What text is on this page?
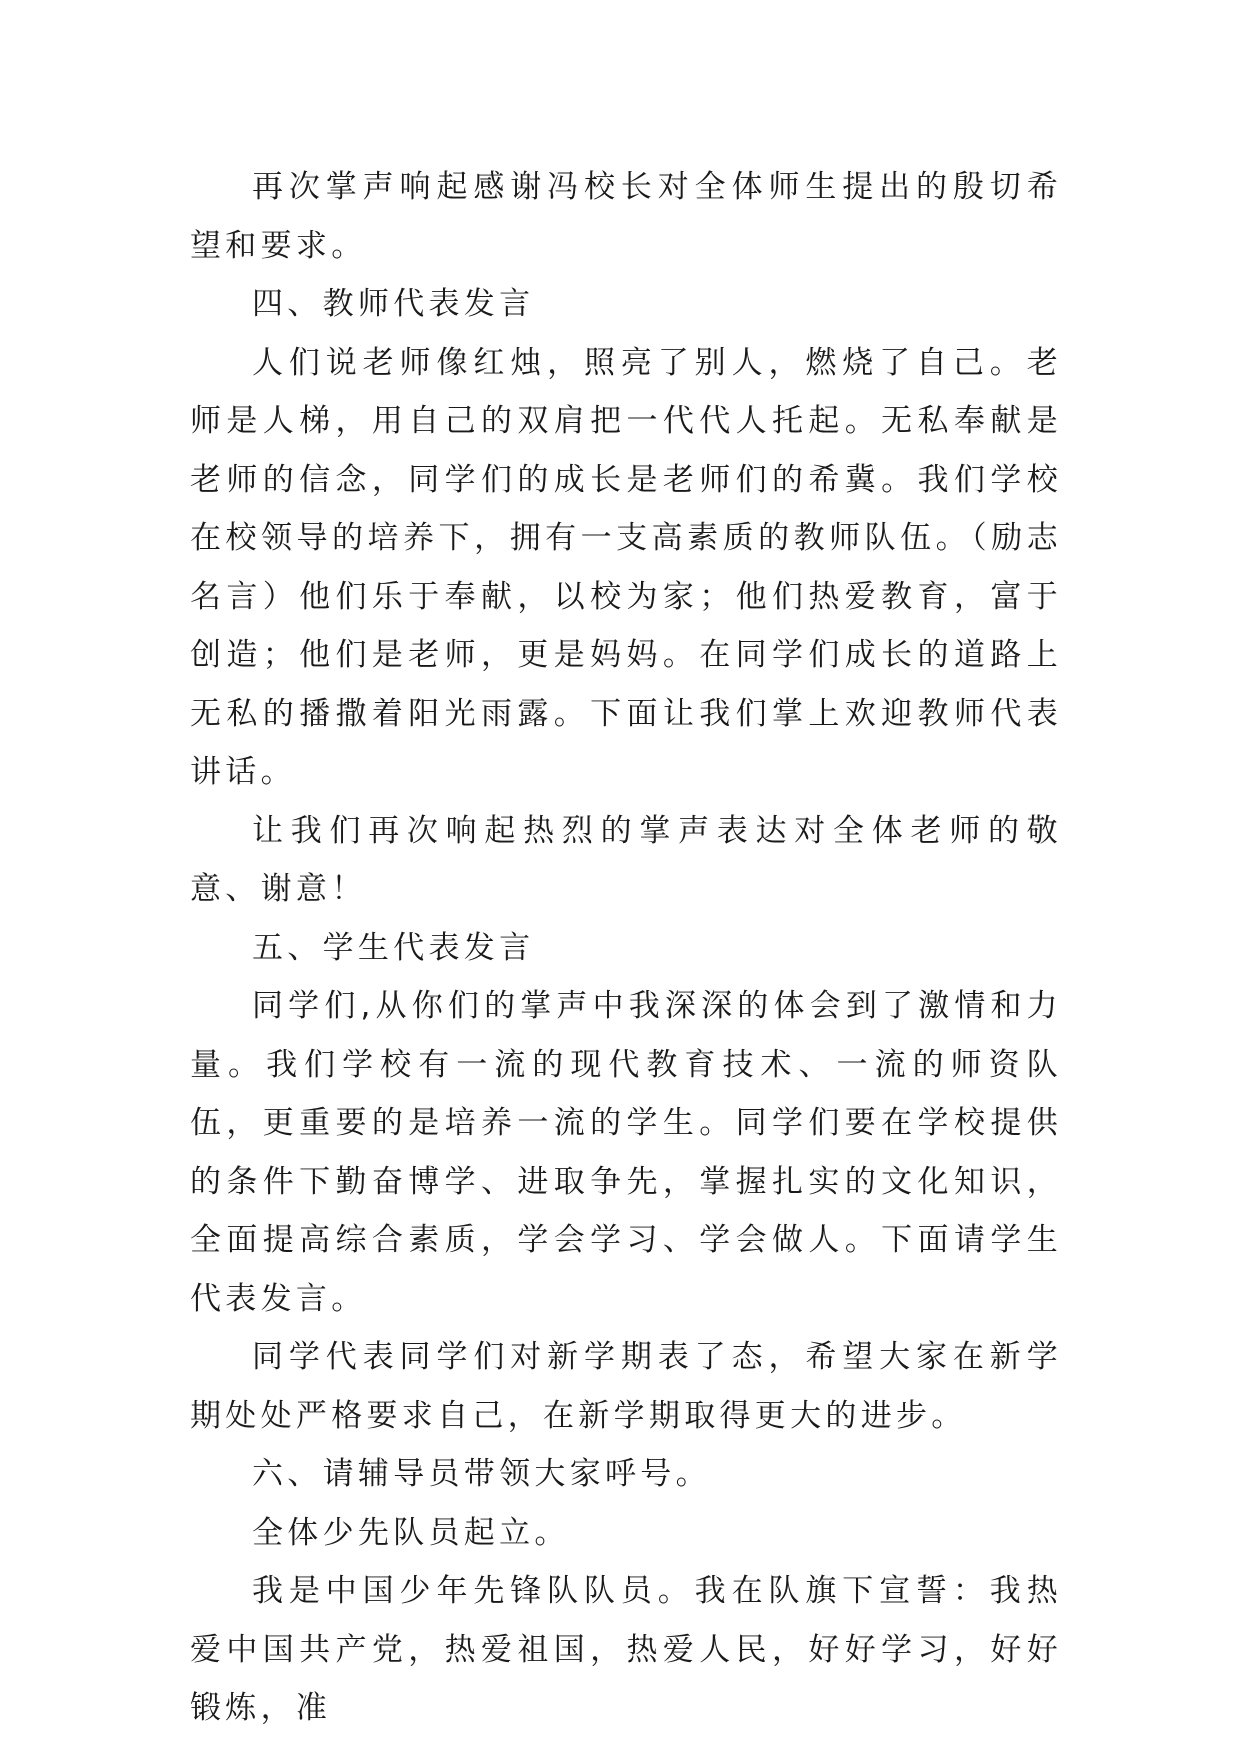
再次掌声响起感谢冯校长对全体师生提出的殷切希望和要求。

四、教师代表发言

人们说老师像红烛，照亮了别人，燃烧了自己。老师是人梯，用自己的双肩把一代代人托起。无私奉献是老师的信念，同学们的成长是老师们的希冀。我们学校在校领导的培养下，拥有一支高素质的教师队伍。（励志名言）他们乐于奉献，以校为家；他们热爱教育，富于创造；他们是老师，更是妈妈。在同学们成长的道路上无私的播撒着阳光雨露。下面让我们掌上欢迎教师代表讲话。

让我们再次响起热烈的掌声表达对全体老师的敬意、谢意！

五、学生代表发言

同学们,从你们的掌声中我深深的体会到了激情和力量。我们学校有一流的现代教育技术、一流的师资队伍，更重要的是培养一流的学生。同学们要在学校提供的条件下勤奋博学、进取争先，掌握扎实的文化知识，全面提高综合素质，学会学习、学会做人。下面请学生代表发言。

同学代表同学们对新学期表了态，希望大家在新学期处处严格要求自己，在新学期取得更大的进步。

六、请辅导员带领大家呼号。

全体少先队员起立。

我是中国少年先锋队队员。我在队旗下宣誓：我热爱中国共产党，热爱祖国，热爱人民，好好学习，好好锻炼，准
